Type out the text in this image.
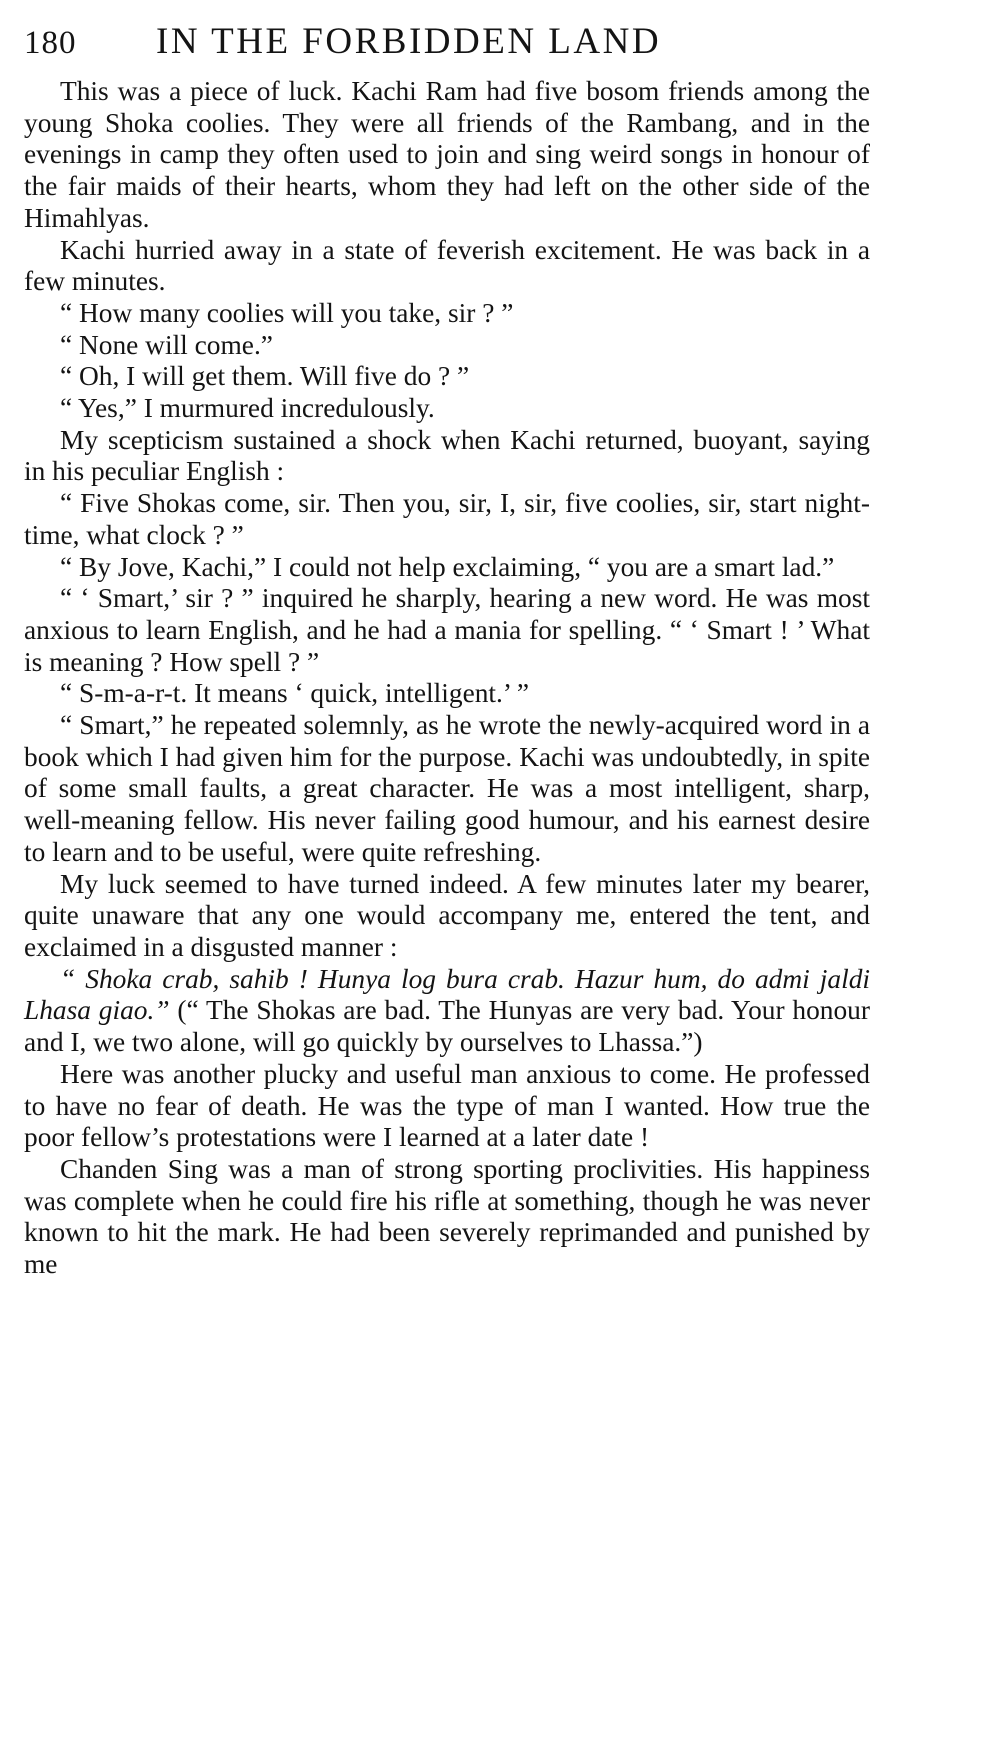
180	IN THE FORBIDDEN LAND

This was a piece of luck. Kachi Ram had five bosom friends among the young Shoka coolies. They were all friends of the Rambang, and in the evenings in camp they often used to join and sing weird songs in honour of the fair maids of their hearts, whom they had left on the other side of the Himahlyas.

Kachi hurried away in a state of feverish excitement. He was back in a few minutes.

“ How many coolies will you take, sir ? ”

“ None will come.”

“ Oh, I will get them. Will five do ? ”

“ Yes,” I murmured incredulously.

My scepticism sustained a shock when Kachi returned, buoyant, saying in his peculiar English :

“ Five Shokas come, sir. Then you, sir, I, sir, five coolies, sir, start night-time, what clock ? ”

“ By Jove, Kachi,” I could not help exclaiming, “ you are a smart lad.”

“ ‘ Smart,’ sir ? ” inquired he sharply, hearing a new word. He was most anxious to learn English, and he had a mania for spelling. “ ‘ Smart ! ’ What is meaning ? How spell ? ”

“ S-m-a-r-t. It means ‘ quick, intelligent.’ ”

“ Smart,” he repeated solemnly, as he wrote the newly-acquired word in a book which I had given him for the purpose. Kachi was undoubtedly, in spite of some small faults, a great character. He was a most intelligent, sharp, well-meaning fellow. His never failing good humour, and his earnest desire to learn and to be useful, were quite refreshing.

My luck seemed to have turned indeed. A few minutes later my bearer, quite unaware that any one would accompany me, entered the tent, and exclaimed in a disgusted manner :

“ Shoka crab, sahib ! Hunya log bura crab. Hazur hum, do admi jaldi Lhasa giao.” (“ The Shokas are bad. The Hunyas are very bad. Your honour and I, we two alone, will go quickly by ourselves to Lhassa.”)

Here was another plucky and useful man anxious to come. He professed to have no fear of death. He was the type of man I wanted. How true the poor fellow’s protestations were I learned at a later date !

Chanden Sing was a man of strong sporting proclivities. His happiness was complete when he could fire his rifle at something, though he was never known to hit the mark. He had been severely reprimanded and punished by me
